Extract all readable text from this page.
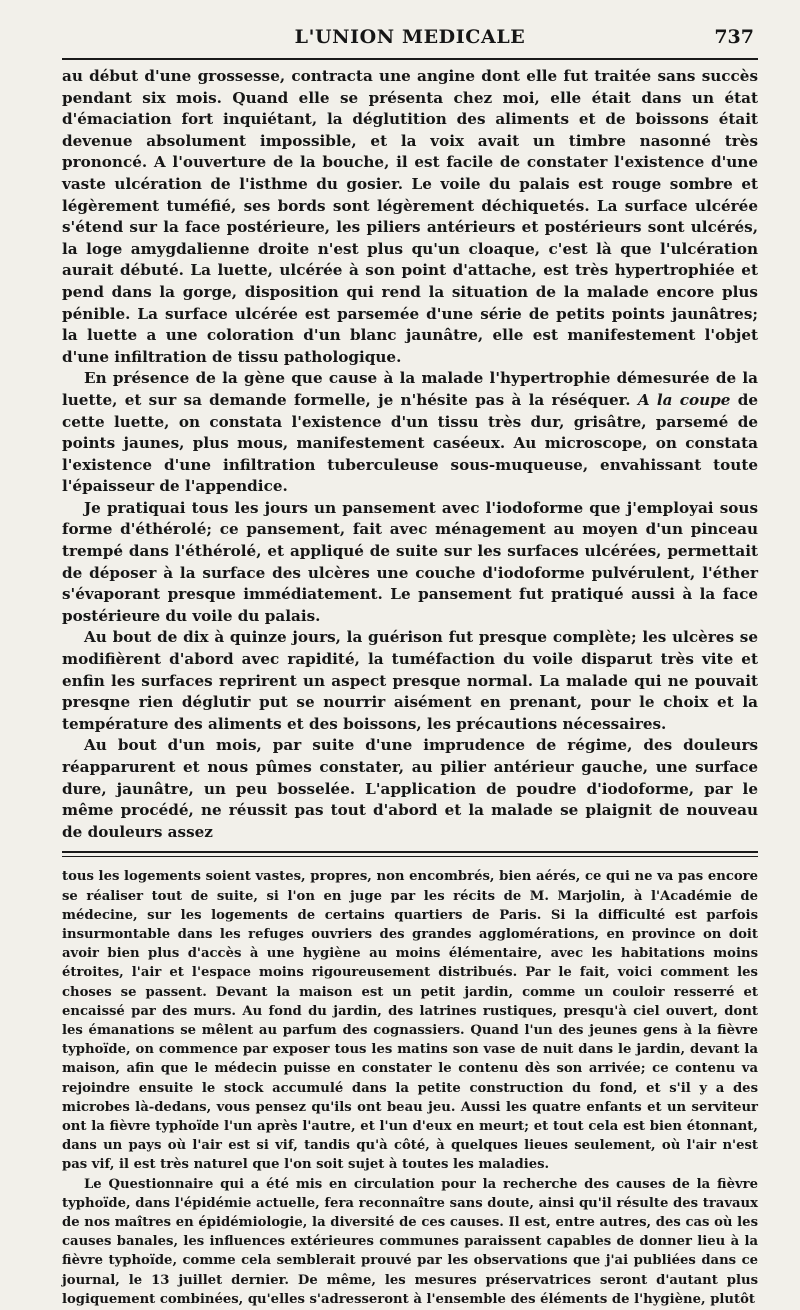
L'UNION MEDICALE	737

au début d'une grossesse, contracta une angine dont elle fut traitée sans succès pendant six mois. Quand elle se présenta chez moi, elle était dans un état d'émaciation fort inquiétant, la déglutition des aliments et de boissons était devenue absolument impossible, et la voix avait un timbre nasonné très prononcé. A l'ouverture de la bouche, il est facile de constater l'existence d'une vaste ulcération de l'isthme du gosier. Le voile du palais est rouge sombre et légèrement tuméfié, ses bords sont légèrement déchiquetés. La surface ulcérée s'étend sur la face postérieure, les piliers antérieurs et postérieurs sont ulcérés, la loge amygdalienne droite n'est plus qu'un cloaque, c'est là que l'ulcération aurait débuté. La luette, ulcérée à son point d'attache, est très hypertrophiée et pend dans la gorge, disposition qui rend la situation de la malade encore plus pénible. La surface ulcérée est parsemée d'une série de petits points jaunâtres; la luette a une coloration d'un blanc jaunâtre, elle est manifestement l'objet d'une infiltration de tissu pathologique.

En présence de la gène que cause à la malade l'hypertrophie démesurée de la luette, et sur sa demande formelle, je n'hésite pas à la réséquer. A la coupe de cette luette, on constata l'existence d'un tissu très dur, grisâtre, parsemé de points jaunes, plus mous, manifestement caséeux. Au microscope, on constata l'existence d'une infiltration tuberculeuse sous-muqueuse, envahissant toute l'épaisseur de l'appendice.

Je pratiquai tous les jours un pansement avec l'iodoforme que j'employai sous forme d'éthérolé; ce pansement, fait avec ménagement au moyen d'un pinceau trempé dans l'éthérolé, et appliqué de suite sur les surfaces ulcérées, permettait de déposer à la surface des ulcères une couche d'iodoforme pulvérulent, l'éther s'évaporant presque immédiatement. Le pansement fut pratiqué aussi à la face postérieure du voile du palais.

Au bout de dix à quinze jours, la guérison fut presque complète; les ulcères se modifièrent d'abord avec rapidité, la tuméfaction du voile disparut très vite et enfin les surfaces reprirent un aspect presque normal. La malade qui ne pouvait presqne rien déglutir put se nourrir aisément en prenant, pour le choix et la température des aliments et des boissons, les précautions nécessaires.

Au bout d'un mois, par suite d'une imprudence de régime, des douleurs réapparurent et nous pûmes constater, au pilier antérieur gauche, une surface dure, jaunâtre, un peu bosselée. L'application de poudre d'iodoforme, par le même procédé, ne réussit pas tout d'abord et la malade se plaignit de nouveau de douleurs assez

tous les logements soient vastes, propres, non encombrés, bien aérés, ce qui ne va pas encore se réaliser tout de suite, si l'on en juge par les récits de M. Marjolin, à l'Académie de médecine, sur les logements de certains quartiers de Paris. Si la difficulté est parfois insurmontable dans les refuges ouvriers des grandes agglomérations, en province on doit avoir bien plus d'accès à une hygiène au moins élémentaire, avec les habitations moins étroites, l'air et l'espace moins rigoureusement distribués. Par le fait, voici comment les choses se passent. Devant la maison est un petit jardin, comme un couloir resserré et encaissé par des murs. Au fond du jardin, des latrines rustiques, presqu'à ciel ouvert, dont les émanations se mêlent au parfum des cognassiers. Quand l'un des jeunes gens à la fièvre typhoïde, on commence par exposer tous les matins son vase de nuit dans le jardin, devant la maison, afin que le médecin puisse en constater le contenu dès son arrivée; ce contenu va rejoindre ensuite le stock accumulé dans la petite construction du fond, et s'il y a des microbes là-dedans, vous pensez qu'ils ont beau jeu. Aussi les quatre enfants et un serviteur ont la fièvre typhoïde l'un après l'autre, et l'un d'eux en meurt; et tout cela est bien étonnant, dans un pays où l'air est si vif, tandis qu'à côté, à quelques lieues seulement, où l'air n'est pas vif, il est très naturel que l'on soit sujet à toutes les maladies.

Le Questionnaire qui a été mis en circulation pour la recherche des causes de la fièvre typhoïde, dans l'épidémie actuelle, fera reconnaître sans doute, ainsi qu'il résulte des travaux de nos maîtres en épidémiologie, la diversité de ces causes. Il est, entre autres, des cas où les causes banales, les influences extérieures communes paraissent capables de donner lieu à la fièvre typhoïde, comme cela semblerait prouvé par les observations que j'ai publiées dans ce journal, le 13 juillet dernier. De même, les mesures préservatrices seront d'autant plus logiquement combinées, qu'elles s'adresseront à l'ensemble des éléments de l'hygiène, plutôt
